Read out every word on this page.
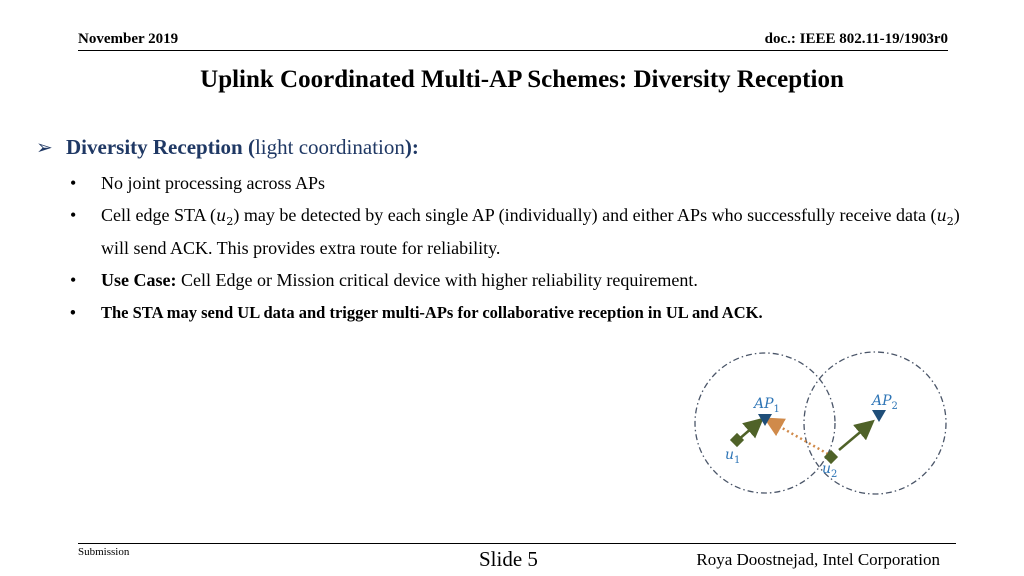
November 2019	doc.: IEEE 802.11-19/1903r0
Uplink Coordinated Multi-AP Schemes: Diversity Reception
➢ Diversity Reception (light coordination):
• No joint processing across APs
• Cell edge STA $(u_2)$ may be detected by each single AP (individually) and either APs who successfully receive data $(u_2)$ will send ACK. This provides extra route for reliability.
• Use Case: Cell Edge or Mission critical device with higher reliability requirement.
• The STA may send UL data and trigger multi-APs for collaborative reception in UL and ACK.
$AP_1$
$AP_2$
$u_1$
$u_2$
Submission	Slide 5	Roya Doostnejad, Intel Corporation
